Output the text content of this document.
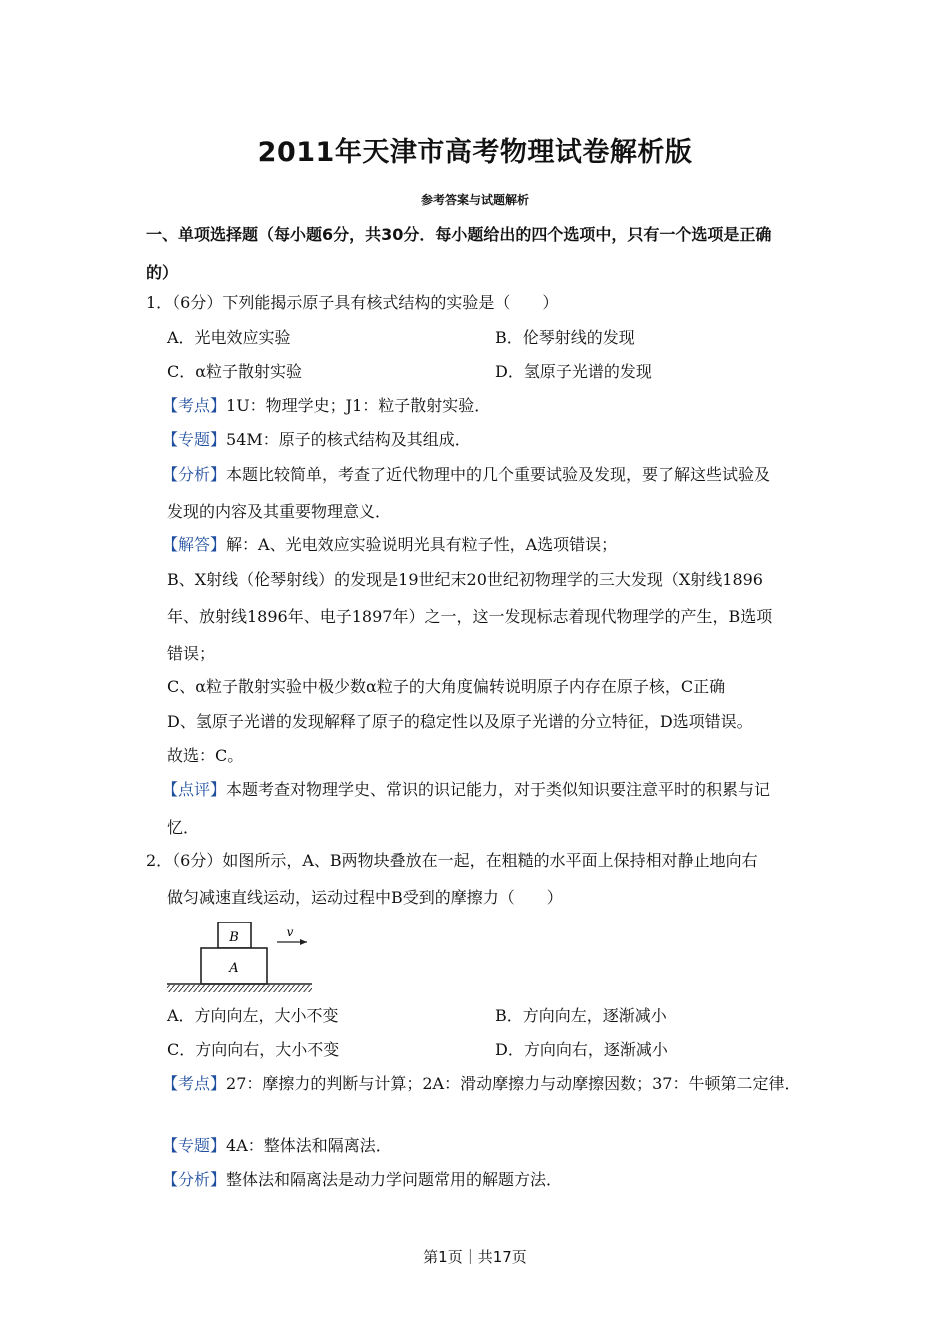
2011年天津市高考物理试卷解析版
参考答案与试题解析
一、单项选择题（每小题6分，共30分．每小题给出的四个选项中，只有一个选项是正确
的）
1．（6分）下列能揭示原子具有核式结构的实验是（　　）
A．光电效应实验	B．伦琴射线的发现
C．α粒子散射实验	D．氢原子光谱的发现
【考点】1U：物理学史；J1：粒子散射实验．
【专题】54M：原子的核式结构及其组成．
【分析】本题比较简单，考查了近代物理中的几个重要试验及发现，要了解这些试验及
发现的内容及其重要物理意义．
【解答】解：A、光电效应实验说明光具有粒子性，A选项错误；
B、X射线（伦琴射线）的发现是19世纪末20世纪初物理学的三大发现（X射线1896
年、放射线1896年、电子1897年）之一，这一发现标志着现代物理学的产生，B选项
错误；
C、α粒子散射实验中极少数α粒子的大角度偏转说明原子内存在原子核，C正确
D、氢原子光谱的发现解释了原子的稳定性以及原子光谱的分立特征，D选项错误。
故选：C。
【点评】本题考查对物理学史、常识的识记能力，对于类似知识要注意平时的积累与记
忆．
2．（6分）如图所示，A、B两物块叠放在一起，在粗糙的水平面上保持相对静止地向右
做匀减速直线运动，运动过程中B受到的摩擦力（　　）
B
A
v
A．方向向左，大小不变	B．方向向左，逐渐减小
C．方向向右，大小不变	D．方向向右，逐渐减小
【考点】27：摩擦力的判断与计算；2A：滑动摩擦力与动摩擦因数；37：牛顿第二定律．
【专题】4A：整体法和隔离法．
【分析】整体法和隔离法是动力学问题常用的解题方法．
第1页｜共17页
